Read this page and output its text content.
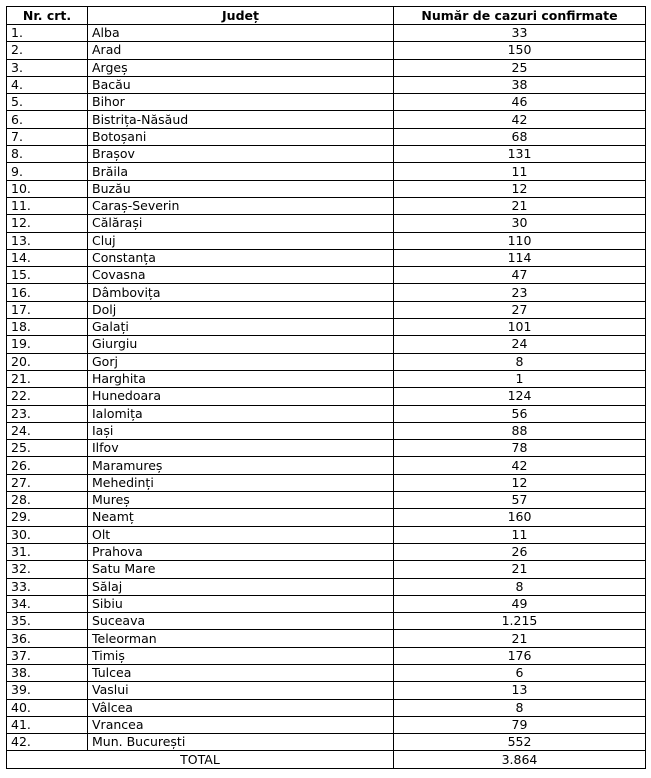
Nr. crt.	Județ	Număr de cazuri confirmate
1.	Alba	33
2.	Arad	150
3.	Argeș	25
4.	Bacău	38
5.	Bihor	46
6.	Bistrița-Năsăud	42
7.	Botoșani	68
8.	Brașov	131
9.	Brăila	11
10.	Buzău	12
11.	Caraș-Severin	21
12.	Călărași	30
13.	Cluj	110
14.	Constanța	114
15.	Covasna	47
16.	Dâmbovița	23
17.	Dolj	27
18.	Galați	101
19.	Giurgiu	24
20.	Gorj	8
21.	Harghita	1
22.	Hunedoara	124
23.	Ialomița	56
24.	Iași	88
25.	Ilfov	78
26.	Maramureș	42
27.	Mehedinți	12
28.	Mureș	57
29.	Neamț	160
30.	Olt	11
31.	Prahova	26
32.	Satu Mare	21
33.	Sălaj	8
34.	Sibiu	49
35.	Suceava	1.215
36.	Teleorman	21
37.	Timiș	176
38.	Tulcea	6
39.	Vaslui	13
40.	Vâlcea	8
41.	Vrancea	79
42.	Mun. București	552
TOTAL		3.864
